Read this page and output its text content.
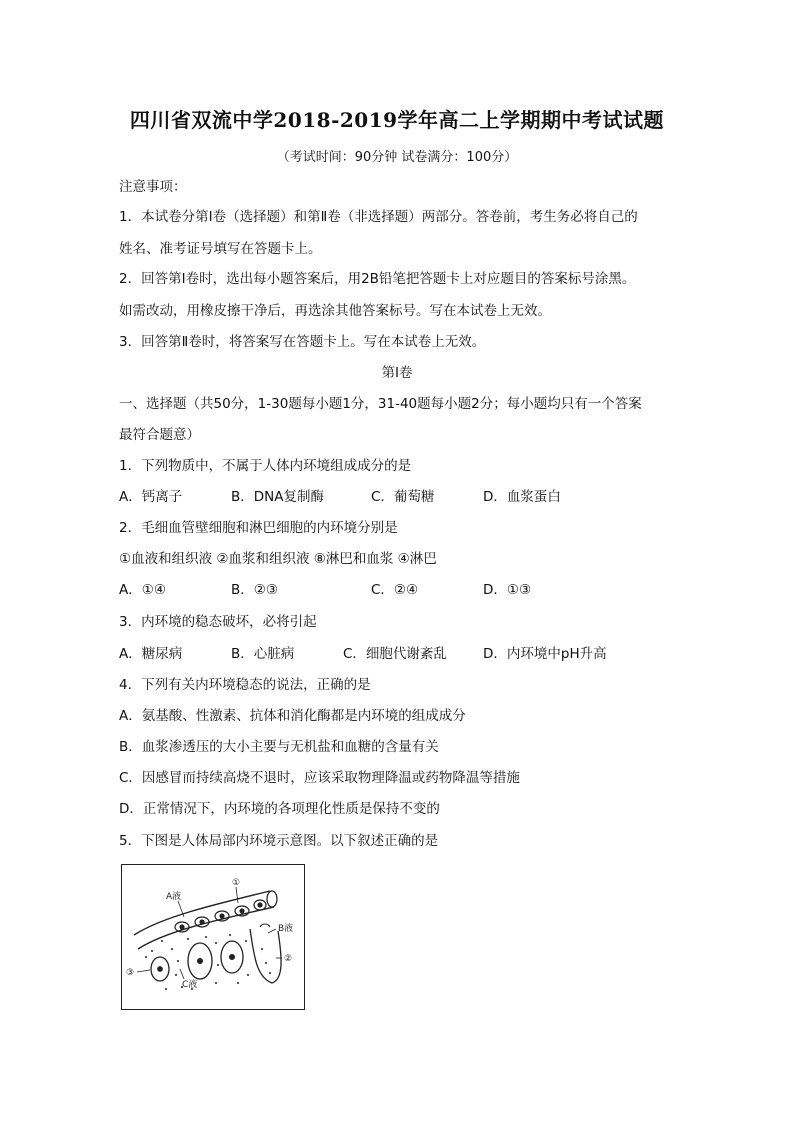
四川省双流中学2018-2019学年高二上学期期中考试试题
（考试时间：90分钟 试卷满分：100分）
注意事项：
1．本试卷分第Ⅰ卷（选择题）和第Ⅱ卷（非选择题）两部分。答卷前，考生务必将自己的
姓名、准考证号填写在答题卡上。
2．回答第Ⅰ卷时，选出每小题答案后，用2B铅笔把答题卡上对应题目的答案标号涂黑。
如需改动，用橡皮擦干净后，再选涂其他答案标号。写在本试卷上无效。
3．回答第Ⅱ卷时，将答案写在答题卡上。写在本试卷上无效。
第Ⅰ卷
一、选择题（共50分，1-30题每小题1分，31-40题每小题2分；每小题均只有一个答案
最符合题意）
1．下列物质中，不属于人体内环境组成成分的是
A．钙离子	B．DNA复制酶	C．葡萄糖	D．血浆蛋白
2．毛细血管壁细胞和淋巴细胞的内环境分别是
①血液和组织液 ②血浆和组织液 ⑧淋巴和血浆 ④淋巴
A．①④	B．②③	C．②④	D．①③
3．内环境的稳态破坏，必将引起
A．糖尿病	B．心脏病	C．细胞代谢紊乱	D．内环境中pH升高
4．下列有关内环境稳态的说法，正确的是
A．氨基酸、性激素、抗体和消化酶都是内环境的组成成分
B．血浆渗透压的大小主要与无机盐和血糖的含量有关
C．因感冒而持续高烧不退时，应该采取物理降温或药物降温等措施
D．正常情况下，内环境的各项理化性质是保持不变的
5．下图是人体局部内环境示意图。以下叙述正确的是
A液
①
B液
②
③
C液
